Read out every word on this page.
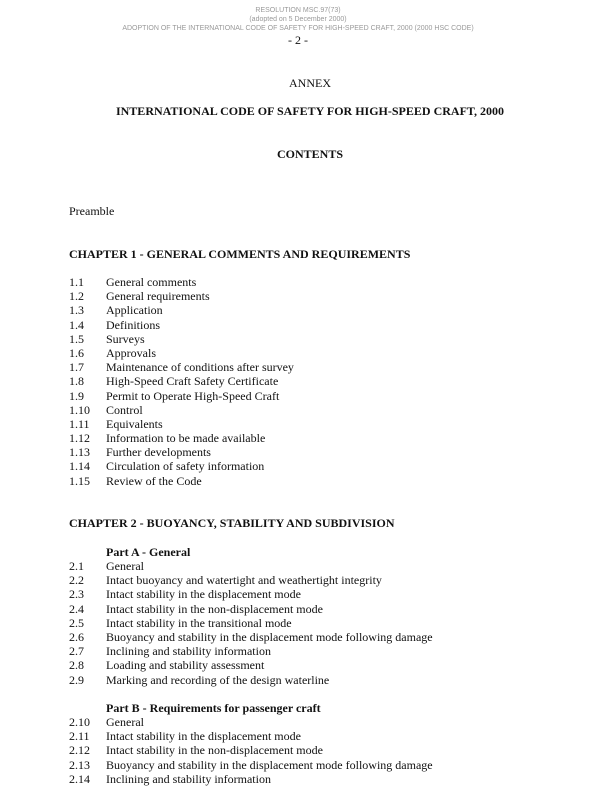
RESOLUTION MSC.97(73)
(adopted on 5 December 2000)
ADOPTION OF THE INTERNATIONAL CODE OF SAFETY FOR HIGH-SPEED CRAFT, 2000 (2000 HSC CODE)
- 2 -
ANNEX
INTERNATIONAL CODE OF SAFETY FOR HIGH-SPEED CRAFT, 2000
CONTENTS
Preamble
CHAPTER 1 - GENERAL COMMENTS AND REQUIREMENTS
1.1 General comments
1.2 General requirements
1.3 Application
1.4 Definitions
1.5 Surveys
1.6 Approvals
1.7 Maintenance of conditions after survey
1.8 High-Speed Craft Safety Certificate
1.9 Permit to Operate High-Speed Craft
1.10 Control
1.11 Equivalents
1.12 Information to be made available
1.13 Further developments
1.14 Circulation of safety information
1.15 Review of the Code
CHAPTER 2 - BUOYANCY, STABILITY AND SUBDIVISION
Part A - General
2.1 General
2.2 Intact buoyancy and watertight and weathertight integrity
2.3 Intact stability in the displacement mode
2.4 Intact stability in the non-displacement mode
2.5 Intact stability in the transitional mode
2.6 Buoyancy and stability in the displacement mode following damage
2.7 Inclining and stability information
2.8 Loading and stability assessment
2.9 Marking and recording of the design waterline
Part B - Requirements for passenger craft
2.10 General
2.11 Intact stability in the displacement mode
2.12 Intact stability in the non-displacement mode
2.13 Buoyancy and stability in the displacement mode following damage
2.14 Inclining and stability information
